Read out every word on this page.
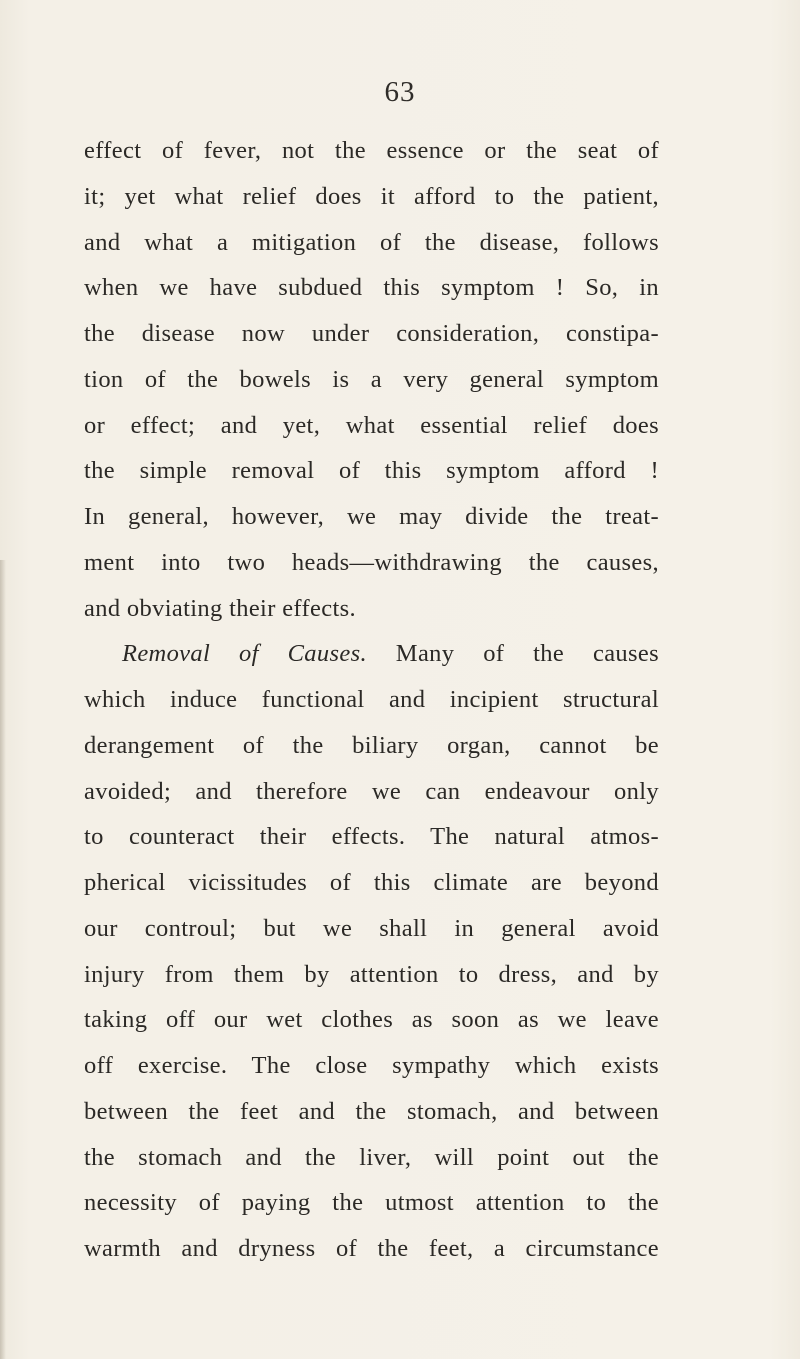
63
effect of fever, not the essence or the seat of
it; yet what relief does it afford to the patient,
and what a mitigation of the disease, follows
when we have subdued this symptom ! So, in
the disease now under consideration, constipa-
tion of the bowels is a very general symptom
or effect; and yet, what essential relief does
the simple removal of this symptom afford !
In general, however, we may divide the treat-
ment into two heads—withdrawing the causes,
and obviating their effects.
Removal of Causes. Many of the causes
which induce functional and incipient structural
derangement of the biliary organ, cannot be
avoided; and therefore we can endeavour only
to counteract their effects. The natural atmos-
pherical vicissitudes of this climate are beyond
our controul; but we shall in general avoid
injury from them by attention to dress, and by
taking off our wet clothes as soon as we leave
off exercise. The close sympathy which exists
between the feet and the stomach, and between
the stomach and the liver, will point out the
necessity of paying the utmost attention to the
warmth and dryness of the feet, a circumstance
